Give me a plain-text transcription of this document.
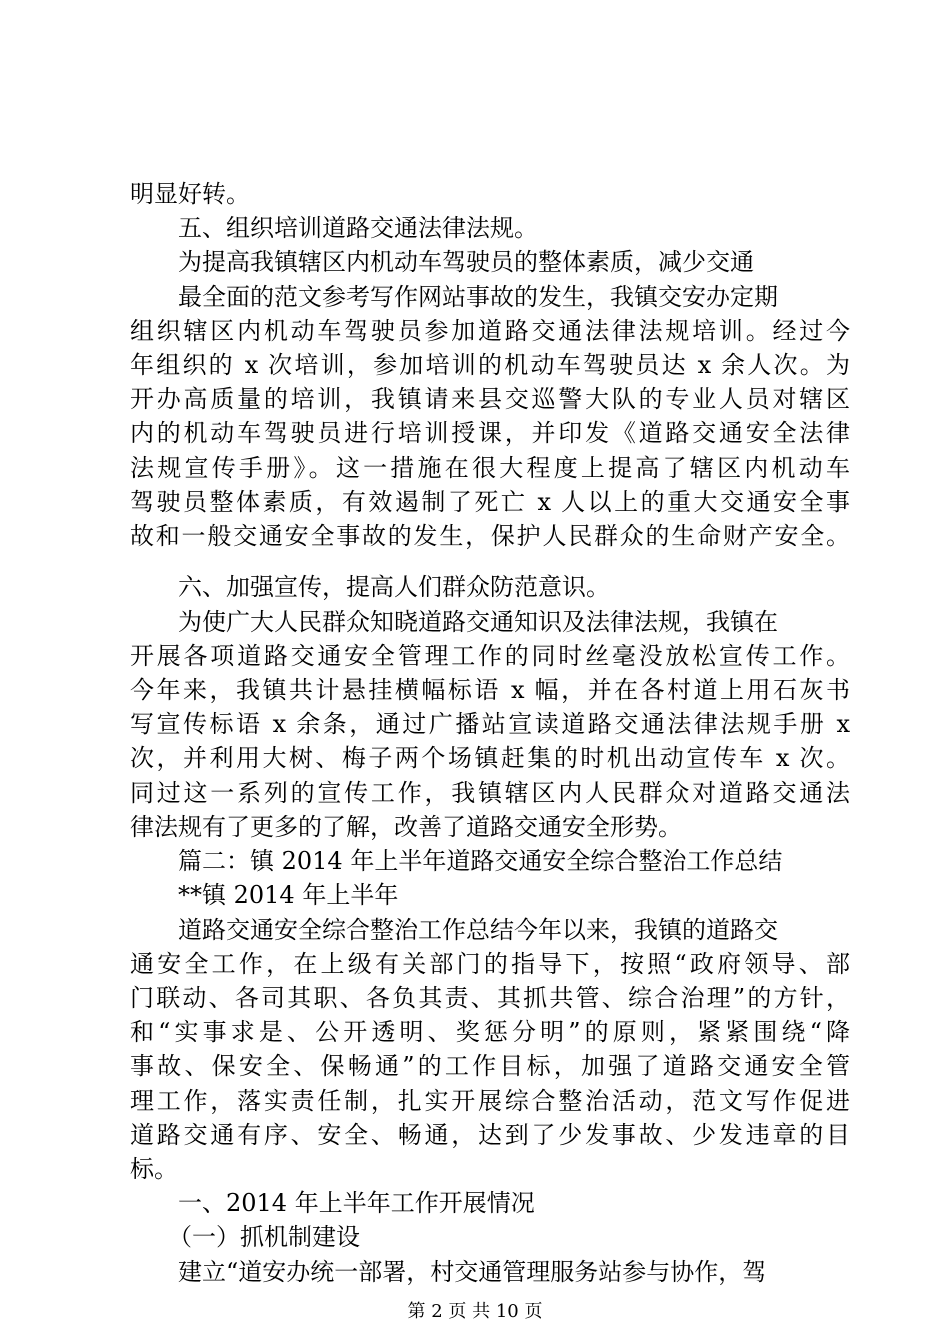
明显好转。
五、组织培训道路交通法律法规。
为提高我镇辖区内机动车驾驶员的整体素质，减少交通
最全面的范文参考写作网站事故的发生，我镇交安办定期
组织辖区内机动车驾驶员参加道路交通法律法规培训。经过今
年组织的 x 次培训，参加培训的机动车驾驶员达 x 余人次。为
开办高质量的培训，我镇请来县交巡警大队的专业人员对辖区
内的机动车驾驶员进行培训授课，并印发《道路交通安全法律
法规宣传手册》。这一措施在很大程度上提高了辖区内机动车
驾驶员整体素质，有效遏制了死亡 x 人以上的重大交通安全事
故和一般交通安全事故的发生，保护人民群众的生命财产安全。
六、加强宣传，提高人们群众防范意识。
为使广大人民群众知晓道路交通知识及法律法规，我镇在
开展各项道路交通安全管理工作的同时丝毫没放松宣传工作。
今年来，我镇共计悬挂横幅标语 x 幅，并在各村道上用石灰书
写宣传标语 x 余条，通过广播站宣读道路交通法律法规手册 x
次，并利用大树、梅子两个场镇赶集的时机出动宣传车 x 次。
同过这一系列的宣传工作，我镇辖区内人民群众对道路交通法
律法规有了更多的了解，改善了道路交通安全形势。
篇二：镇 2014 年上半年道路交通安全综合整治工作总结
**镇 2014 年上半年
道路交通安全综合整治工作总结今年以来，我镇的道路交
通安全工作，在上级有关部门的指导下，按照“政府领导、部
门联动、各司其职、各负其责、其抓共管、综合治理”的方针，
和“实事求是、公开透明、奖惩分明”的原则，紧紧围绕“降
事故、保安全、保畅通”的工作目标，加强了道路交通安全管
理工作，落实责任制，扎实开展综合整治活动，范文写作促进
道路交通有序、安全、畅通，达到了少发事故、少发违章的目
标。
一、2014 年上半年工作开展情况
（一）抓机制建设
建立“道安办统一部署，村交通管理服务站参与协作，驾
第 2 页 共 10 页
